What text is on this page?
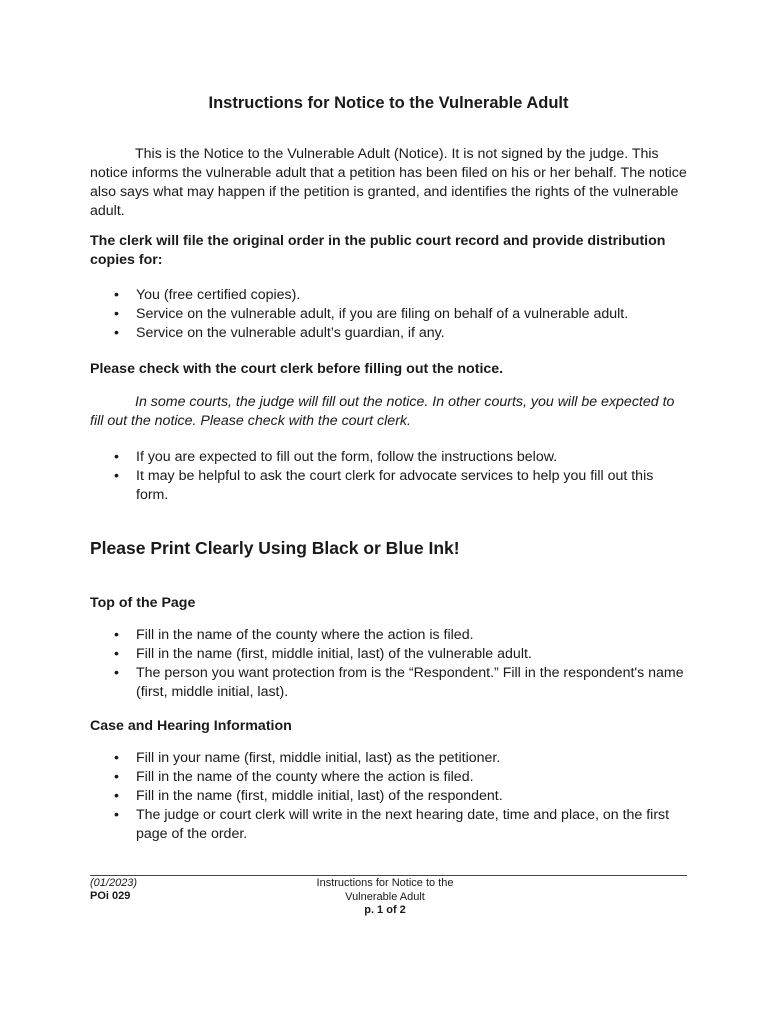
Instructions for Notice to the Vulnerable Adult

This is the Notice to the Vulnerable Adult (Notice). It is not signed by the judge. This notice informs the vulnerable adult that a petition has been filed on his or her behalf. The notice also says what may happen if the petition is granted, and identifies the rights of the vulnerable adult.

The clerk will file the original order in the public court record and provide distribution copies for:

• You (free certified copies).
• Service on the vulnerable adult, if you are filing on behalf of a vulnerable adult.
• Service on the vulnerable adult’s guardian, if any.

Please check with the court clerk before filling out the notice.

In some courts, the judge will fill out the notice. In other courts, you will be expected to fill out the notice. Please check with the court clerk.

• If you are expected to fill out the form, follow the instructions below.
• It may be helpful to ask the court clerk for advocate services to help you fill out this form.
Please Print Clearly Using Black or Blue Ink!
Top of the Page
• Fill in the name of the county where the action is filed.
• Fill in the name (first, middle initial, last) of the vulnerable adult.
• The person you want protection from is the “Respondent.” Fill in the respondent's name (first, middle initial, last).
Case and Hearing Information
• Fill in your name (first, middle initial, last) as the petitioner.
• Fill in the name of the county where the action is filed.
• Fill in the name (first, middle initial, last) of the respondent.
• The judge or court clerk will write in the next hearing date, time and place, on the first page of the order.
(01/2023)
POi 029
Instructions for Notice to the
Vulnerable Adult
p. 1 of 2
